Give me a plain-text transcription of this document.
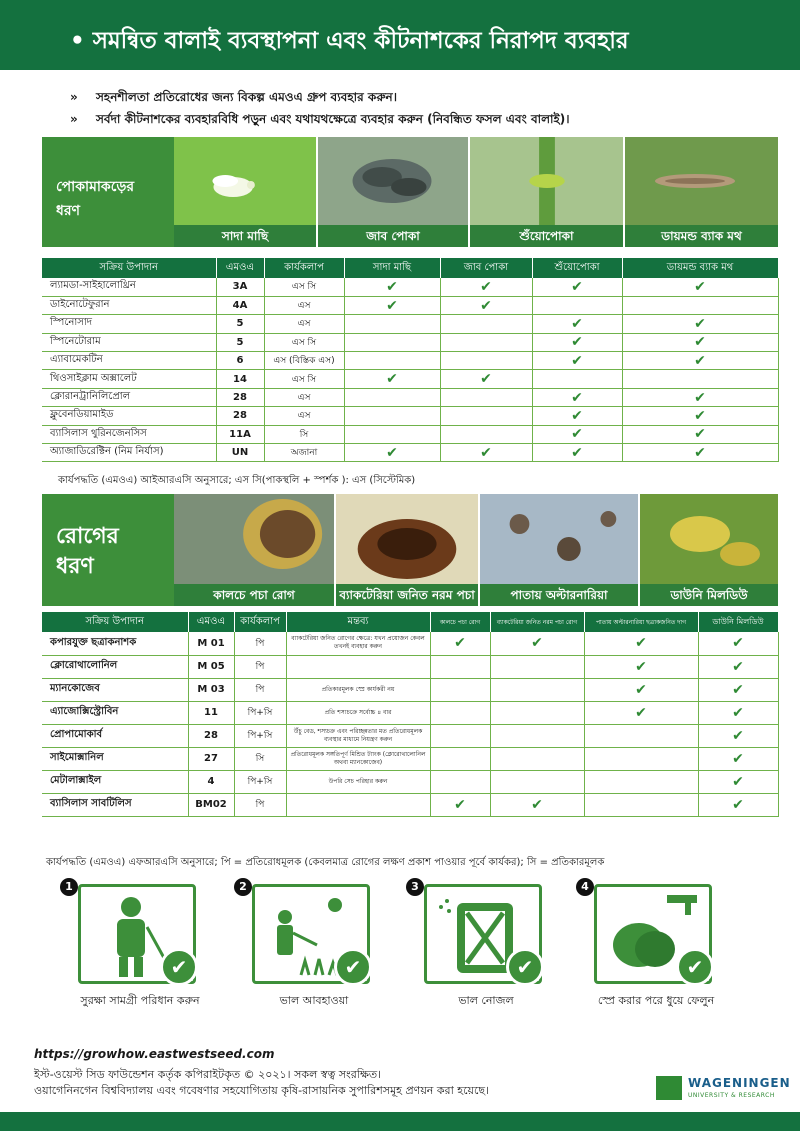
• সমন্বিত বালাই ব্যবস্থাপনা এবং কীটনাশকের নিরাপদ ব্যবহার
» সহনশীলতা প্রতিরোধের জন্য বিকল্প এমওএ গ্রুপ ব্যবহার করুন।
» সর্বদা কীটনাশকের ব্যবহারবিধি পড়ুন এবং যথাযথক্ষেত্রে ব্যবহার করুন (নিবন্ধিত ফসল এবং বালাই)।
পোকামাকড়ের
ধরণ
সাদা মাছি	জাব পোকা	শুঁয়োপোকা	ডায়মন্ড ব্যাক মথ
সক্রিয় উপাদান	এমওএ	কার্যকলাপ	সাদা মাছি	জাব পোকা	শুঁয়োপোকা	ডায়মন্ড ব্যাক মথ
ল্যামডা-সাইহালোথ্রিন	3A	এস সি	✔	✔	✔	✔
ডাইনোটেফুরান	4A	এস	✔	✔		
স্পিনোসাদ	5	এস			✔	✔
স্পিনেটোরাম	5	এস সি			✔	✔
এ্যাবামেকটিন	6	এস (বিস্তিক এস)			✔	✔
থিওসাইক্লাম অক্সালেট	14	এস সি	✔	✔		
ক্লোরানট্রানিলিপ্রোল	28	এস			✔	✔
ফ্লুবেনডিয়ামাইড	28	এস			✔	✔
ব্যাসিলাস থুরিনজেনসিস	11A	সি			✔	✔
অ্যাজাডিরেক্টিন (নিম নির্যাস)	UN	অজানা	✔	✔	✔	✔
কার্যপদ্ধতি (এমওএ) আইআরএসি অনুসারে; এস সি(পাকস্থলি + স্পর্শক ): এস (সিস্টেমিক)
রোগের
ধরণ
কালচে পচা রোগ	ব্যাকটেরিয়া জনিত নরম পচা	পাতায় অল্টারনারিয়া	ডাউনি মিলডিউ
সক্রিয় উপাদান	এমওএ	কার্যকলাপ	মন্তব্য	কালচে পচা রোগ	ব্যাকটেরিয়া জনিত নরম পচা রোগ	পাতায় অল্টারনারিয়া ছত্রাকজনিত দাগ	ডাউনি মিলডিউ
কপারযুক্ত ছত্রাকনাশক	M 01	পি	ব্যাকটেরিয়া জনিত রোগের ক্ষেত্রে: যখন প্রয়োজন কেবল তখনই ব্যবহার করুন	✔	✔	✔	✔
ক্লোরোথালোনিল	M 05	পি				✔	✔
ম্যানকোজেব	M 03	পি	প্রতিকারমূলক স্প্রে কার্যকরী নয়			✔	✔
এ্যাজোক্সিস্ট্রোবিন	11	পি+সি	প্রতি শস্যচক্রে সর্বোচ্চ ৪ বার			✔	✔
প্রোপামোকার্ব	28	পি+সি	উঁচু বেড, শস্যচক্র এবং পরিচ্ছন্নতার মত প্রতিরোধমূলক ব্যবস্থার মাধ্যমে নিয়ন্ত্রণ করুন				✔
সাইমোক্সানিল	27	সি	প্রতিরোধমূলক সঙ্গতিপূর্ণ মিশ্রিত ট্যাংক (ক্লোরোথালোনিল অথবা ম্যানকোজেব)				✔
মেটালাক্সাইল	4	পি+সি	উপরি সেচ পরিহার করুন				✔
ব্যাসিলাস সাবটিলিস	BM02	পি		✔	✔		✔
কার্যপদ্ধতি (এমওএ) এফআরএসি অনুসারে; পি = প্রতিরোধমূলক (কেবলমাত্র রোগের লক্ষণ প্রকাশ পাওয়ার পূর্বে কার্যকর); সি = প্রতিকারমূলক
1
✔
সুরক্ষা সামগ্রী পরিধান করুন
2
✔
ভাল আবহাওয়া
3
✔
ভাল নোজল
4
✔
স্প্রে করার পরে ধুয়ে ফেলুন
https://growhow.eastwestseed.com
ইস্ট-ওয়েস্ট সিড ফাউন্ডেশন কর্তৃক কপিরাইটকৃত © ২০২১। সকল স্বত্ব সংরক্ষিত।
ওয়াগেনিনগেন বিশ্ববিদ্যালয় এবং গবেষণার সহযোগিতায় কৃষি-রাসায়নিক সুপারিশসমূহ প্রণয়ন করা হয়েছে।
WAGENINGEN
UNIVERSITY & RESEARCH
